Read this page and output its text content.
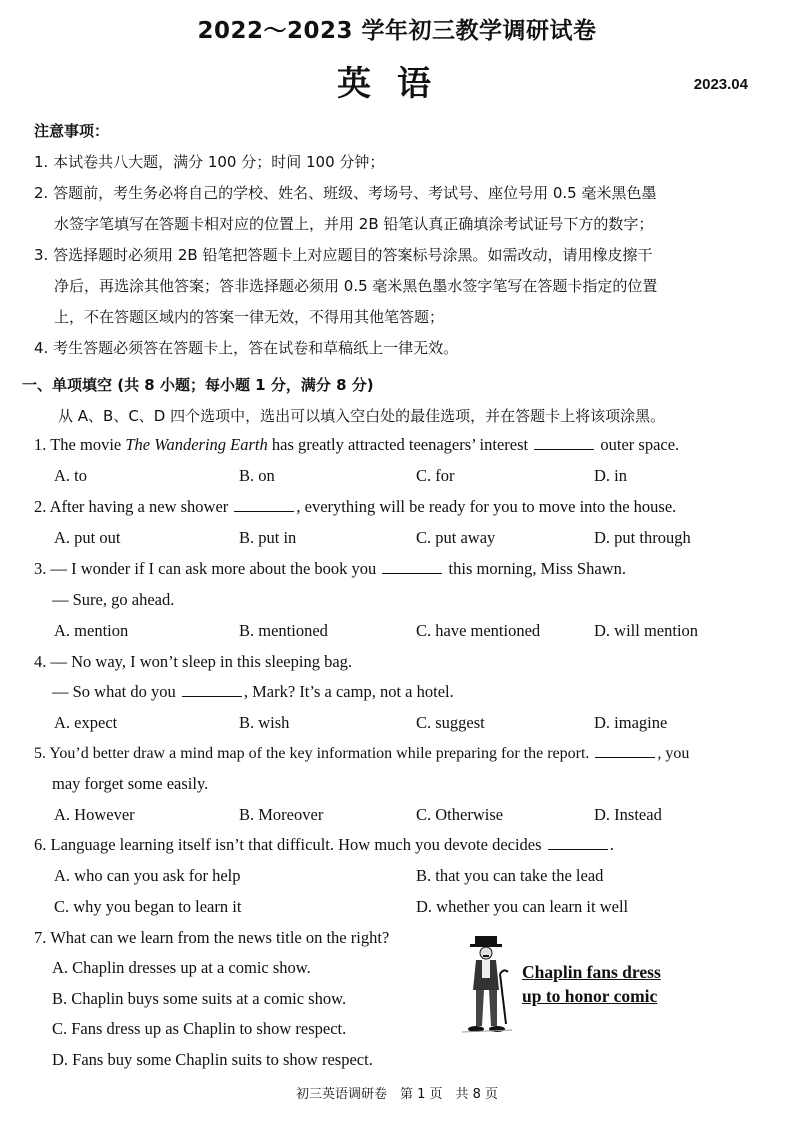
2022～2023 学年初三教学调研试卷
英语	2023.04
注意事项：
1. 本试卷共八大题，满分 100 分；时间 100 分钟；
2. 答题前，考生务必将自己的学校、姓名、班级、考场号、考试号、座位号用 0.5 毫米黑色墨
水签字笔填写在答题卡相对应的位置上，并用 2B 铅笔认真正确填涂考试证号下方的数字；
3. 答选择题时必须用 2B 铅笔把答题卡上对应题目的答案标号涂黑。如需改动，请用橡皮擦干
净后，再选涂其他答案；答非选择题必须用 0.5 毫米黑色墨水签字笔写在答题卡指定的位置
上，不在答题区域内的答案一律无效，不得用其他笔答题；
4. 考生答题必须答在答题卡上，答在试卷和草稿纸上一律无效。
一、单项填空 (共 8 小题；每小题 1 分，满分 8 分)
从 A、B、C、D 四个选项中，选出可以填入空白处的最佳选项，并在答题卡上将该项涂黑。
1. The movie The Wandering Earth has greatly attracted teenagers’ interest	outer space.
A. to	B. on	C. for	D. in
2. After having a new shower	, everything will be ready for you to move into the house.
A. put out	B. put in	C. put away	D. put through
3. — I wonder if I can ask more about the book you	this morning, Miss Shawn.
— Sure, go ahead.
A. mention	B. mentioned	C. have mentioned	D. will mention
4. — No way, I won’t sleep in this sleeping bag.
— So what do you	, Mark? It’s a camp, not a hotel.
A. expect	B. wish	C. suggest	D. imagine
5. You’d better draw a mind map of the key information while preparing for the report.	, you
may forget some easily.
A. However	B. Moreover	C. Otherwise	D. Instead
6. Language learning itself isn’t that difficult. How much you devote decides	.
A. who can you ask for help	B. that you can take the lead
C. why you began to learn it	D. whether you can learn it well
7. What can we learn from the news title on the right?
A. Chaplin dresses up at a comic show.
B. Chaplin buys some suits at a comic show.
C. Fans dress up as Chaplin to show respect.
D. Fans buy some Chaplin suits to show respect.
Chaplin fans dress
up to honor comic
初三英语调研卷　第 1 页　共 8 页
